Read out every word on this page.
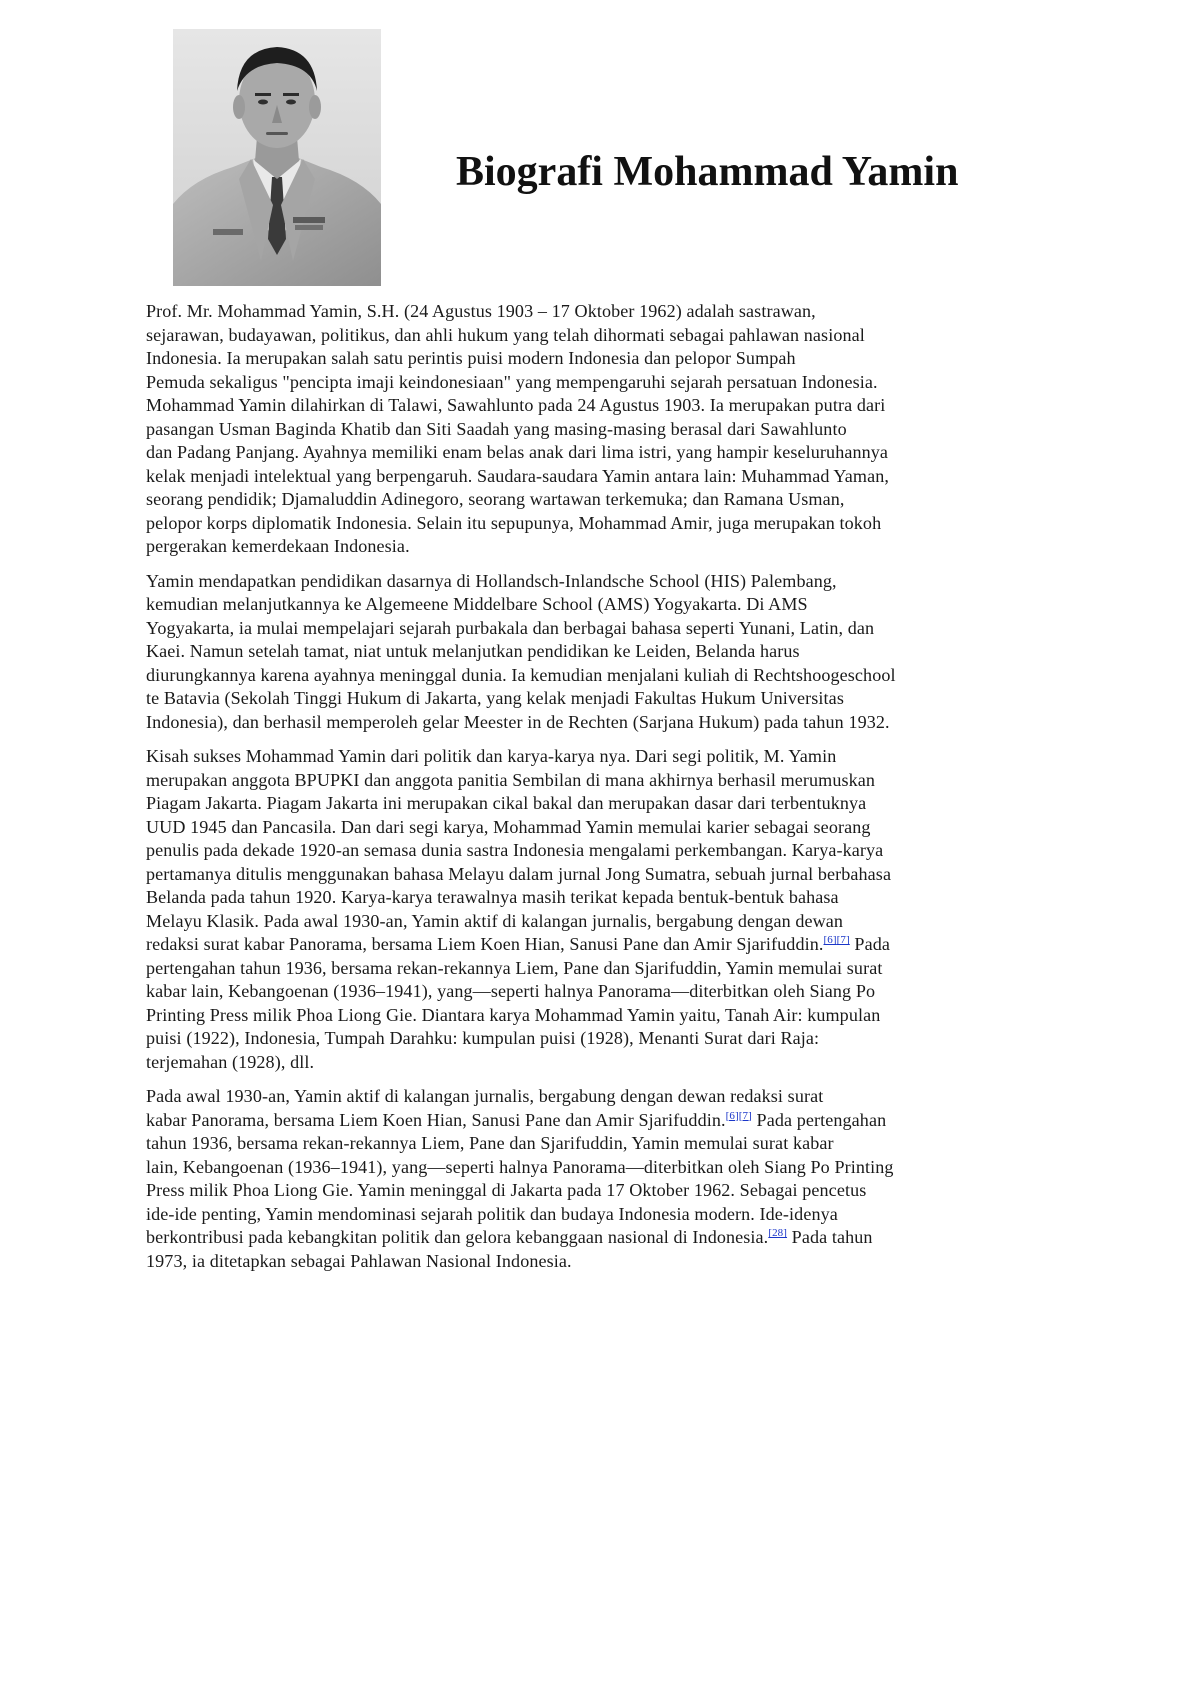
Biografi Mohammad Yamin

Prof. Mr. Mohammad Yamin, S.H. (24 Agustus 1903 – 17 Oktober 1962) adalah sastrawan,
sejarawan, budayawan, politikus, dan ahli hukum yang telah dihormati sebagai pahlawan nasional
Indonesia. Ia merupakan salah satu perintis puisi modern Indonesia dan pelopor Sumpah
Pemuda sekaligus "pencipta imaji keindonesiaan" yang mempengaruhi sejarah persatuan Indonesia.
Mohammad Yamin dilahirkan di Talawi, Sawahlunto pada 24 Agustus 1903. Ia merupakan putra dari
pasangan Usman Baginda Khatib dan Siti Saadah yang masing-masing berasal dari Sawahlunto
dan Padang Panjang. Ayahnya memiliki enam belas anak dari lima istri, yang hampir keseluruhannya
kelak menjadi intelektual yang berpengaruh. Saudara-saudara Yamin antara lain: Muhammad Yaman,
seorang pendidik; Djamaluddin Adinegoro, seorang wartawan terkemuka; dan Ramana Usman,
pelopor korps diplomatik Indonesia. Selain itu sepupunya, Mohammad Amir, juga merupakan tokoh
pergerakan kemerdekaan Indonesia.

Yamin mendapatkan pendidikan dasarnya di Hollandsch-Inlandsche School (HIS) Palembang,
kemudian melanjutkannya ke Algemeene Middelbare School (AMS) Yogyakarta. Di AMS
Yogyakarta, ia mulai mempelajari sejarah purbakala dan berbagai bahasa seperti Yunani, Latin, dan
Kaei. Namun setelah tamat, niat untuk melanjutkan pendidikan ke Leiden, Belanda harus
diurungkannya karena ayahnya meninggal dunia. Ia kemudian menjalani kuliah di Rechtshoogeschool
te Batavia (Sekolah Tinggi Hukum di Jakarta, yang kelak menjadi Fakultas Hukum Universitas
Indonesia), dan berhasil memperoleh gelar Meester in de Rechten (Sarjana Hukum) pada tahun 1932.

Kisah sukses Mohammad Yamin dari politik dan karya-karya nya. Dari segi politik, M. Yamin
merupakan anggota BPUPKI dan anggota panitia Sembilan di mana akhirnya berhasil merumuskan
Piagam Jakarta. Piagam Jakarta ini merupakan cikal bakal dan merupakan dasar dari terbentuknya
UUD 1945 dan Pancasila. Dan dari segi karya, Mohammad Yamin memulai karier sebagai seorang
penulis pada dekade 1920-an semasa dunia sastra Indonesia mengalami perkembangan. Karya-karya
pertamanya ditulis menggunakan bahasa Melayu dalam jurnal Jong Sumatra, sebuah jurnal berbahasa
Belanda pada tahun 1920. Karya-karya terawalnya masih terikat kepada bentuk-bentuk bahasa
Melayu Klasik. Pada awal 1930-an, Yamin aktif di kalangan jurnalis, bergabung dengan dewan
redaksi surat kabar Panorama, bersama Liem Koen Hian, Sanusi Pane dan Amir Sjarifuddin.[6][7] Pada
pertengahan tahun 1936, bersama rekan-rekannya Liem, Pane dan Sjarifuddin, Yamin memulai surat
kabar lain, Kebangoenan (1936–1941), yang—seperti halnya Panorama—diterbitkan oleh Siang Po
Printing Press milik Phoa Liong Gie. Diantara karya Mohammad Yamin yaitu, Tanah Air: kumpulan
puisi (1922), Indonesia, Tumpah Darahku: kumpulan puisi (1928), Menanti Surat dari Raja:
terjemahan (1928), dll.

Pada awal 1930-an, Yamin aktif di kalangan jurnalis, bergabung dengan dewan redaksi surat
kabar Panorama, bersama Liem Koen Hian, Sanusi Pane dan Amir Sjarifuddin.[6][7] Pada pertengahan
tahun 1936, bersama rekan-rekannya Liem, Pane dan Sjarifuddin, Yamin memulai surat kabar
lain, Kebangoenan (1936–1941), yang—seperti halnya Panorama—diterbitkan oleh Siang Po Printing
Press milik Phoa Liong Gie. Yamin meninggal di Jakarta pada 17 Oktober 1962. Sebagai pencetus
ide-ide penting, Yamin mendominasi sejarah politik dan budaya Indonesia modern. Ide-idenya
berkontribusi pada kebangkitan politik dan gelora kebanggaan nasional di Indonesia.[28] Pada tahun
1973, ia ditetapkan sebagai Pahlawan Nasional Indonesia.
